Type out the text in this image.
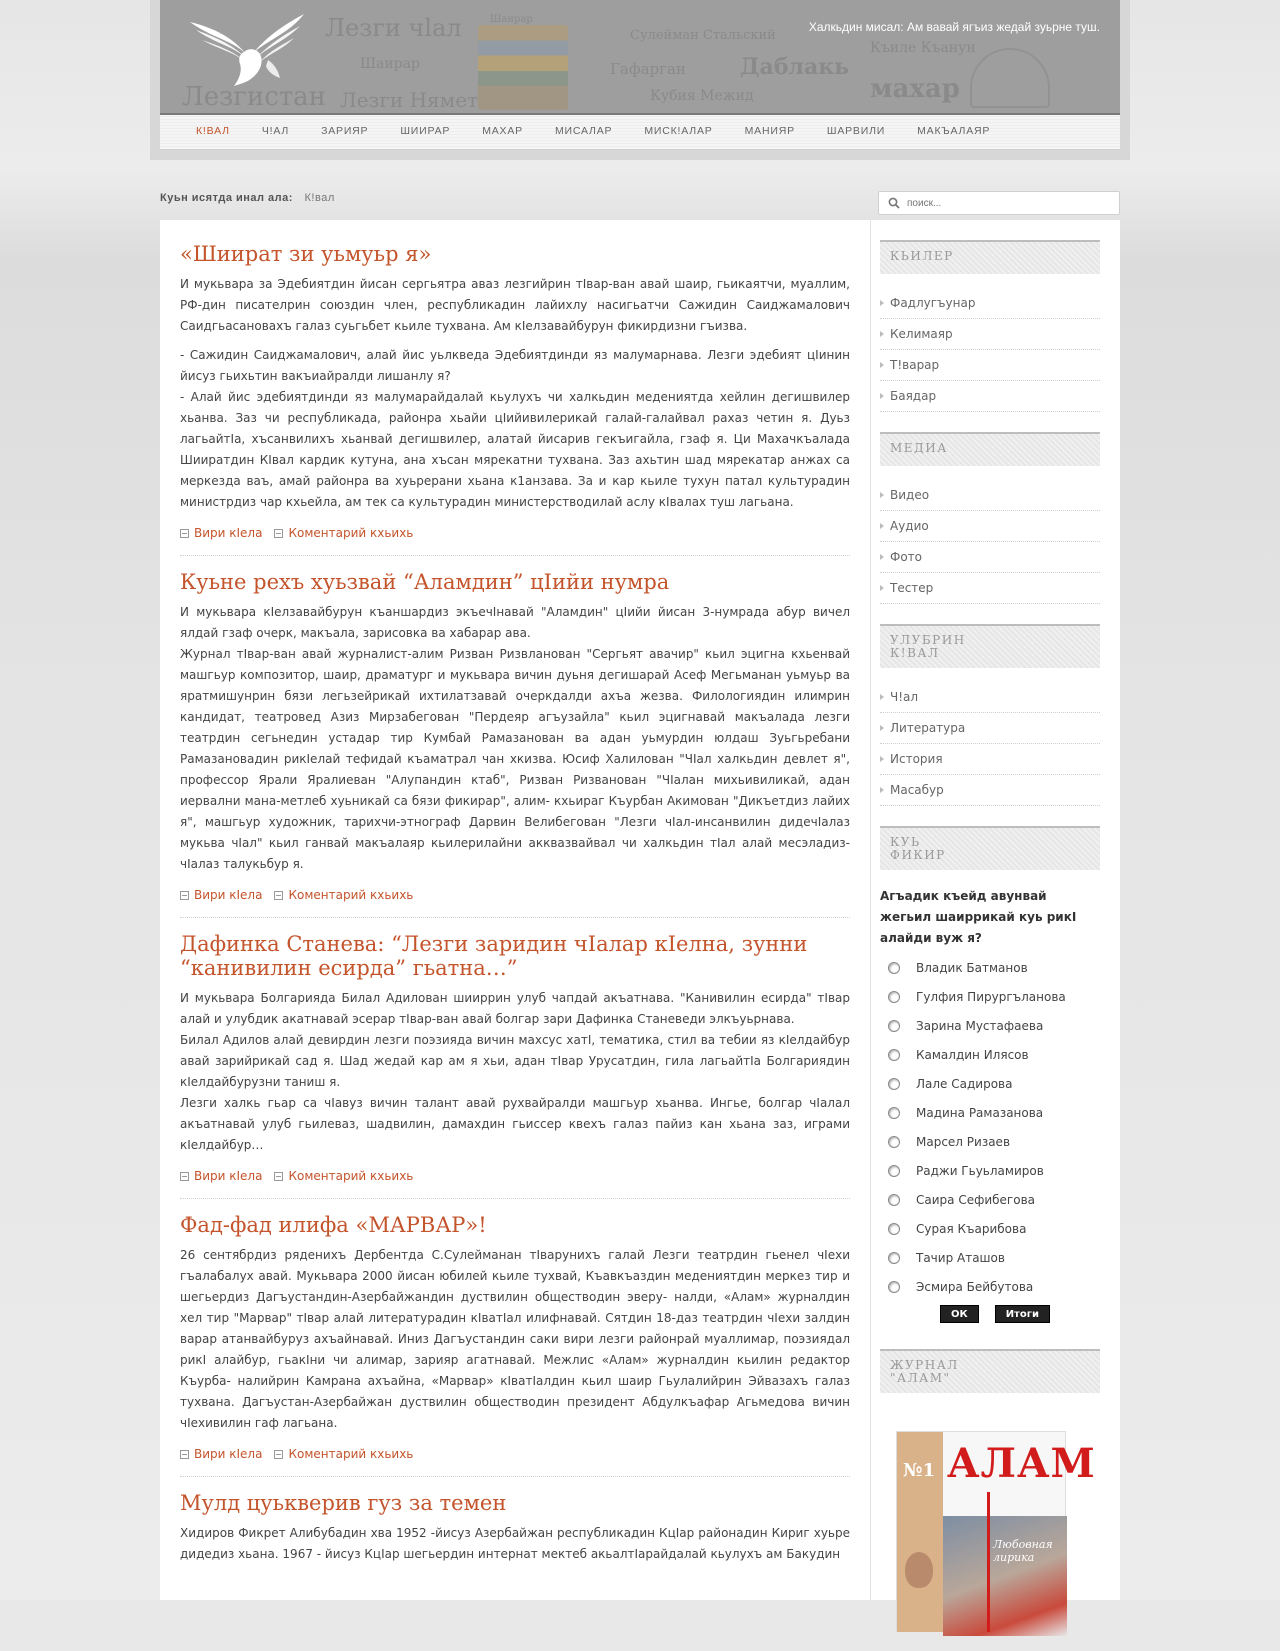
Лезги чlал	Шаирар
Сулейман Стальский
Гафарган Даблакь
махар
Лезгистан Лезги Нямет
Шаирар
Къиле Къанун
Кубия Межид
Халкьдин мисал: Ам вавай ягъиз жедай зуьрне туш.
К!ВАЛ	Ч!АЛ	ЗАРИЯР	ШИИРАР	МАХАР	МИСАЛАР	МИСК!АЛАР	МАНИЯР	ШАРВИЛИ	МАКЪАЛАЯР
Куьн исятда инал ала: К!вал
поиск...
«Шиират зи уьмуьр я»

И мукьвара за Эдебиятдин йисан сергьятра аваз лезгийрин тӀвар-ван авай шаир, гьикаятчи, муаллим, РФ-дин писателрин союздин член, республикадин лайихлу насигьатчи Сажидин Саиджамалович Саидгьасановахъ галаз суьгьбет кьиле тухвана. Ам кӀелзавайбурун фикирдизни гъизва.

- Сажидин Саиджамалович, алай йис уьлкведа Эдебиятдинди яз малумарнава. Лезги эдебият цIинин йисуз гьихьтин вакъиайралди лишанлу я?

- Алай йис эдебиятдинди яз малумарайдалай кьулухъ чи халкьдин медениятда хейлин дегишвилер хьанва. Заз чи республикада, районра хьайи цIийивилерикай галай-галайвал рахаз четин я. Дуьз лагьайтIа, хъсанвилихъ хьанвай дегишвилер, алатай йисарив гекъигайла, гзаф я. Ци Махачкъалада Шииратдин КIвал кардик кутуна, ана хъсан мярекатни тухвана. Заз ахьтин шад мярекатар анжах са меркезда ваъ, амай районра ва хуьрерани хьана к1анзава. За и кар кьиле тухун патал культурадин министрдиз чар кхьейла, ам тек са культурадин министерстводилай аслу кIвалах туш лагьана.

Вири кIела Коментарий кхьихь
Куьне рехъ хуьзвай “Аламдин” цIийи нумра

И мукьвара кIелзавайбурун къаншардиз экъечIнавай "Аламдин" цIийи йисан 3-нумрада абур вичел ялдай гзаф очерк, макъала, зарисовка ва хабарар ава.

Журнал тIвар-ван авай журналист-алим Ризван Ризвланован "Сергьят авачир" кьил эцигна кхьенвай машгьур композитор, шаир, драматург и мукьвара вичин дуьня дегишарай Асеф Мегьманан уьмуьр ва яратмишунрин бязи легьзейрикай ихтилатзавай очеркдалди ахъа жезва. Филологиядин илимрин кандидат, театровед Азиз Мирзабегован "Пердеяр агъузайла" кьил эцигнавай макъалада лезги театрдин сегьнедин устадар тир Кумбай Рамазанован ва адан уьмурдин юлдаш Зуьгьребани Рамазановадин рикIелай тефидай къаматрал чан хкизва. Юсиф Халилован "ЧIал халкьдин девлет я", профессор Ярали Яралиеван "Алупандин ктаб", Ризван Ризванован "ЧIалан михьивиликай, адан иервални мана-метлеб хуьникай са бязи фикирар", алим- кхьираг Къурбан Акимован "Дикъетдиз лайих я", машгьур художник, тарихчи-этнограф Дарвин Велибегован "Лезги чIал-инсанвилин дидечIалаз мукьва чIал" кьил ганвай макъалаяр кьилерилайни акквазвайвал чи халкьдин тIал алай месэладиз-чIалаз талукьбур я.

Вири кIела Коментарий кхьихь
Дафинка Станева: “Лезги заридин чIалар кIелна, зунни “канивилин есирда” гьатна…”

И мукьвара Болгарияда Билал Адилован шииррин улуб чапдай акъатнава. "Канивилин есирда" тIвар алай и улубдик акатнавай эсерар тIвар-ван авай болгар зари Дафинка Станеведи элкъуьрнава.

Билал Адилов алай девирдин лезги поэзияда вичин махсус хатI, тематика, стил ва тебии яз кIелдайбур авай зарийрикай сад я. Шад жедай кар ам я хьи, адан тIвар Урусатдин, гила лагьайтIа Болгариядин кIелдайбурузни таниш я.

Лезги халкь гьар са чIавуз вичин талант авай рухвайралди машгьур хьанва. Ингье, болгар чIалал акъатнавай улуб гьилеваз, шадвилин, дамахдин гьиссер квехъ галаз пайиз кан хьана заз, играми кIелдайбур…

Вири кIела Коментарий кхьихь
Фад-фад илифа «МАРВАР»!

26 сентябрдиз ряденихъ Дербентда С.Сулейманан тIварунихъ галай Лезги театрдин гьенел чIехи гъалабалух авай. Мукьвара 2000 йисан юбилей кьиле тухвай, Къавкъаздин медениятдин меркез тир и шегьердиз Дагъустандин-Азербайжандин дуствилин обществодин эверу- налди, «Алам» журналдин хел тир "Марвар" тIвар алай литературадин кIватIал илифнавай. Сятдин 18-даз театрдин чIехи залдин варар атанвайбуруз ахъайнавай. Иниз Дагъустандин саки вири лезги районрай муаллимар, поэзиядал рикI алайбур, гьакIни чи алимар, зарияр агатнавай. Межлис «Алам» журналдин кьилин редактор Къурба- налийрин Камрана ахъайна, «Марвар» кIватIалдин кьил шаир Гьулалийрин Эйвазахъ галаз тухвана. Дагъустан-Азербайжан дуствилин обществодин президент Абдулкъафар Агьмедова вичин чIехивилин гаф лагьана.

Вири кIела Коментарий кхьихь
Мулд цуькверив гуз за темен

Хидиров Фикрет Алибубадин хва 1952 -йисуз Азербайжан республикадин КцIар районадин Кириг хуьре дидедиз хьана. 1967 - йисуз КцIар шегьердин интернат мектеб акьалтIарайдалай кьулухъ ам Бакудин

КЬИЛЕР
Фадлугъунар
Келимаяр
Т!варар
Баядар
МЕДИА
Видео
Аудио
Фото
Тестер
УЛУБРИН К!ВАЛ
Ч!ал
Литература
История
Масабур
КУЬ ФИКИР
Агъадик къейд авунвай жегьил шаиррикай куь рикI алайди вуж я?
Владик Батманов
Гулфия Пирургъланова
Зарина Мустафаева
Камалдин Илясов
Лале Садирова
Мадина Рамазанова
Марсел Ризаев
Раджи Гьуьламиров
Саира Сефибегова
Сурая Къарибова
Тачир Аташов
Эсмира Бейбутова
ОК	Итоги
ЖУРНАЛ "АЛАМ"
№1 АЛАМ
Любовная лирика
